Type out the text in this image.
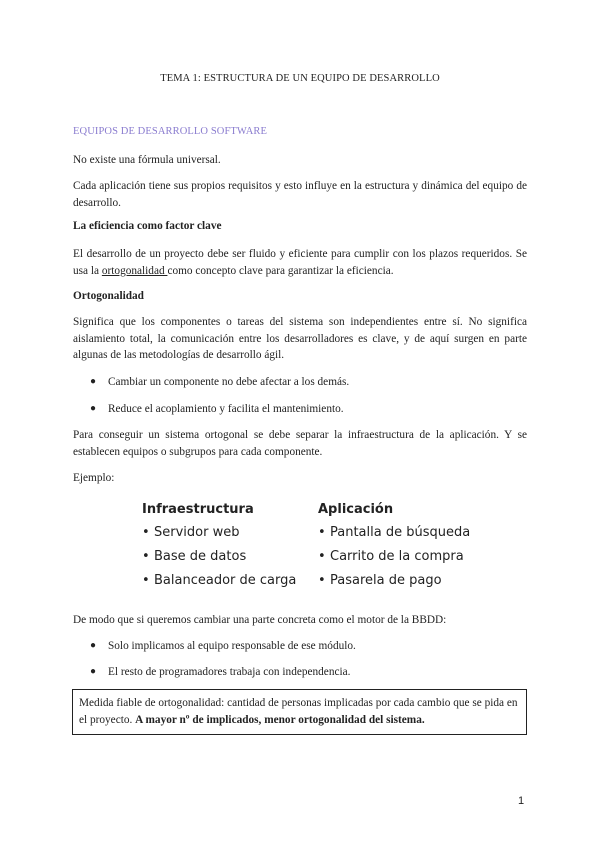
TEMA 1: ESTRUCTURA DE UN EQUIPO DE DESARROLLO
EQUIPOS DE DESARROLLO SOFTWARE
No existe una fórmula universal.
Cada aplicación tiene sus propios requisitos y esto influye en la estructura y dinámica del equipo de desarrollo.
La eficiencia como factor clave
El desarrollo de un proyecto debe ser fluido y eficiente para cumplir con los plazos requeridos. Se usa la ortogonalidad como concepto clave para garantizar la eficiencia.
Ortogonalidad
Significa que los componentes o tareas del sistema son independientes entre sí. No significa aislamiento total, la comunicación entre los desarrolladores es clave, y de aquí surgen en parte algunas de las metodologías de desarrollo ágil.
● Cambiar un componente no debe afectar a los demás.
● Reduce el acoplamiento y facilita el mantenimiento.
Para conseguir un sistema ortogonal se debe separar la infraestructura de la aplicación. Y se establecen equipos o subgrupos para cada componente.
Ejemplo:
Infraestructura
• Servidor web
• Base de datos
• Balanceador de carga
Aplicación
• Pantalla de búsqueda
• Carrito de la compra
• Pasarela de pago
De modo que si queremos cambiar una parte concreta como el motor de la BBDD:
● Solo implicamos al equipo responsable de ese módulo.
● El resto de programadores trabaja con independencia.
Medida fiable de ortogonalidad: cantidad de personas implicadas por cada cambio que se pida en el proyecto. A mayor nº de implicados, menor ortogonalidad del sistema.
1
